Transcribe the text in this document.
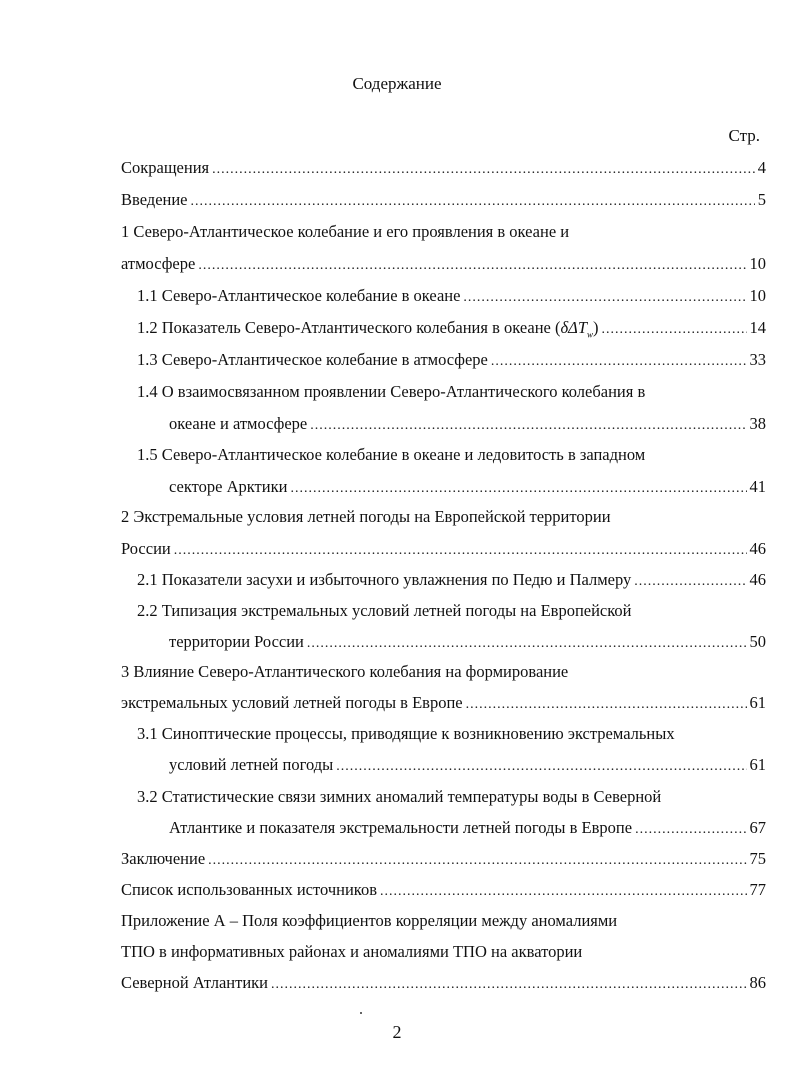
Содержание
Стр.
Сокращения .....	4
Введение .....	5
1 Северо-Атлантическое колебание и его проявления в океане и
атмосфере .....	10
1.1 Северо-Атлантическое колебание в океане .....	10
1.2 Показатель Северо-Атлантического колебания в океане (δΔT$_w$) .....	14
1.3 Северо-Атлантическое колебание в атмосфере .....	33
1.4 О взаимосвязанном проявлении Северо-Атлантического колебания в
океане и атмосфере .....	38
1.5 Северо-Атлантическое колебание в океане и ледовитость в западном
секторе Арктики .....	41
2 Экстремальные условия летней погоды на Европейской территории
России .....	46
2.1 Показатели засухи и избыточного увлажнения по Педю и Палмеру .....	46
2.2 Типизация экстремальных условий летней погоды на Европейской
территории России .....	50
3 Влияние Северо-Атлантического колебания на формирование
экстремальных условий летней погоды в Европе .....	61
3.1 Синоптические процессы, приводящие к возникновению экстремальных
условий летней погоды .....	61
3.2 Статистические связи зимних аномалий температуры воды в Северной
Атлантике и показателя экстремальности летней погоды в Европе .....	67
Заключение .....	75
Список использованных источников .....	77
Приложение А – Поля коэффициентов корреляции между аномалиями
ТПО в информативных районах и аномалиями ТПО на акватории
Северной Атлантики .....	86
2
